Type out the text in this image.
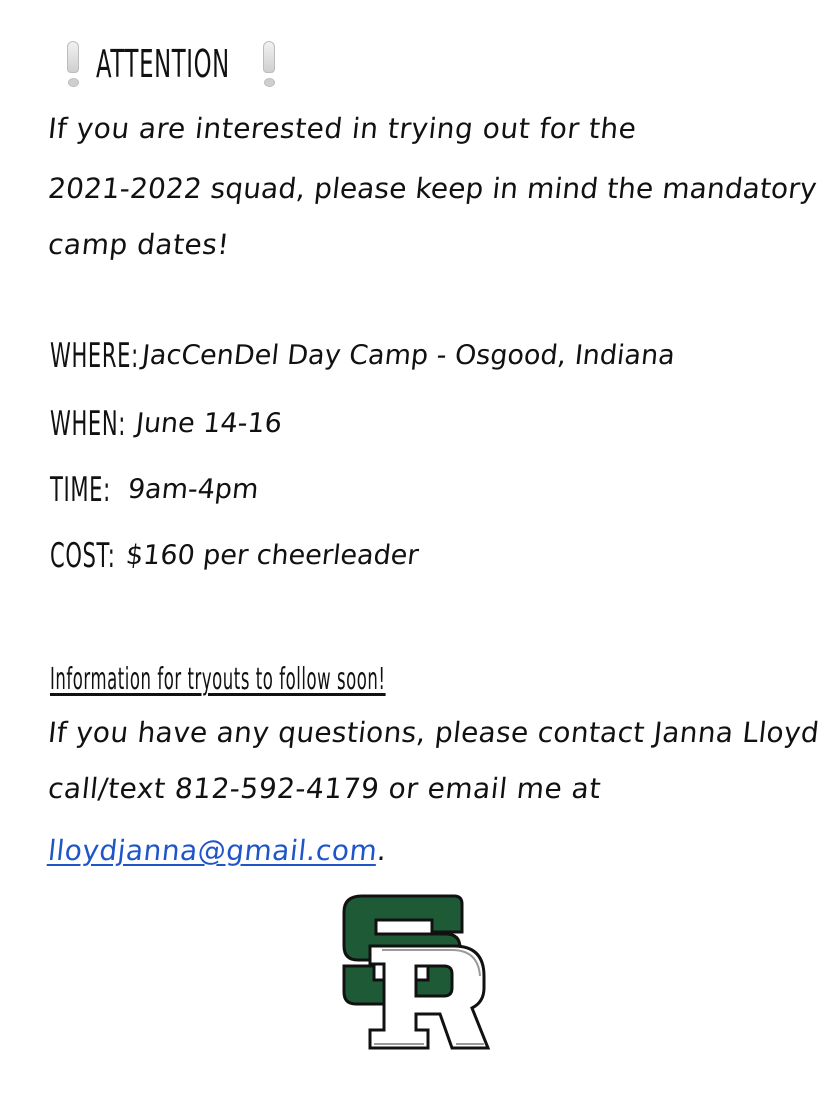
ATTENTION
If you are interested in trying out for the
2021-2022 squad, please keep in mind the mandatory
camp dates!
WHERE: JacCenDel Day Camp - Osgood, Indiana
WHEN: June 14-16
TIME: 9am-4pm
COST: $160 per cheerleader
Information for tryouts to follow soon!
If you have any questions, please contact Janna Lloyd
call/text 812-592-4179 or email me at
lloydjanna@gmail.com.
